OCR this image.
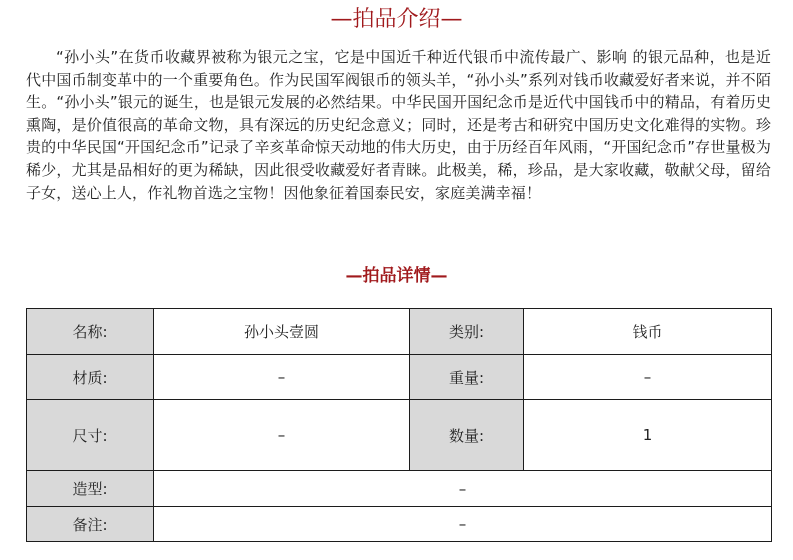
—拍品介绍—

“孙小头”在货币收藏界被称为银元之宝，它是中国近千种近代银币中流传最广、影响 的银元品种，也是近代中国币制变革中的一个重要角色。作为民国军阀银币的领头羊，“孙小头”系列对钱币收藏爱好者来说，并不陌生。“孙小头”银元的诞生，也是银元发展的必然结果。中华民国开国纪念币是近代中国钱币中的精品，有着历史熏陶，是价值很高的革命文物，具有深远的历史纪念意义；同时，还是考古和研究中国历史文化难得的实物。珍贵的中华民国“开国纪念币”记录了辛亥革命惊天动地的伟大历史，由于历经百年风雨，“开国纪念币”存世量极为稀少，尤其是品相好的更为稀缺，因此很受收藏爱好者青睐。此极美，稀，珍品，是大家收藏，敬献父母，留给子女，送心上人，作礼物首选之宝物！因他象征着国泰民安，家庭美满幸福！

—拍品详情—
名称:	孙小头壹圆	类别:	钱币
材质:	–	重量:	–
尺寸:	–	数量:	1
造型:	–		
备注:	–		
